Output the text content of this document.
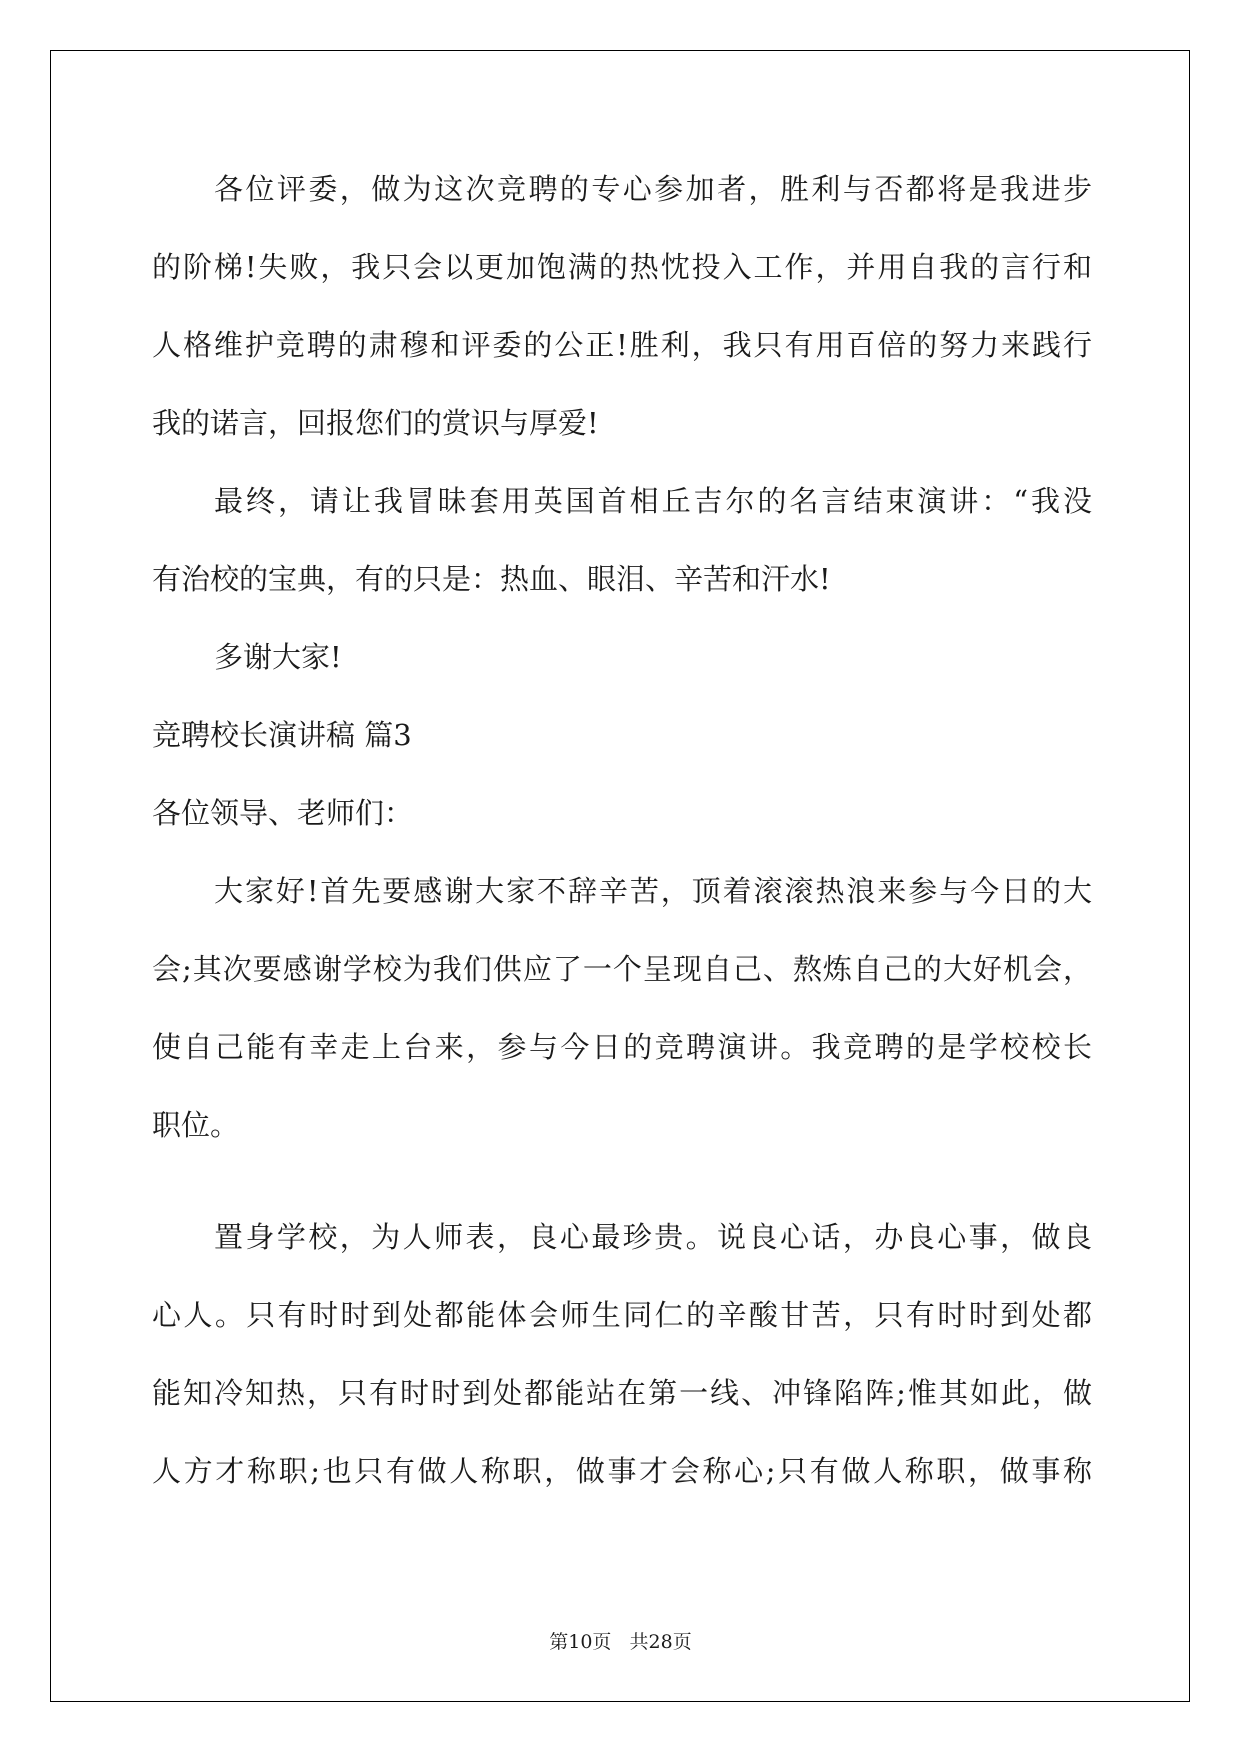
各位评委，做为这次竞聘的专心参加者，胜利与否都将是我进步
的阶梯!失败，我只会以更加饱满的热忱投入工作，并用自我的言行和
人格维护竞聘的肃穆和评委的公正!胜利，我只有用百倍的努力来践行
我的诺言，回报您们的赏识与厚爱!
最终，请让我冒昧套用英国首相丘吉尔的名言结束演讲：“我没
有治校的宝典，有的只是：热血、眼泪、辛苦和汗水!
多谢大家!
竞聘校长演讲稿 篇3
各位领导、老师们：
大家好!首先要感谢大家不辞辛苦，顶着滚滚热浪来参与今日的大
会;其次要感谢学校为我们供应了一个呈现自己、熬炼自己的大好机会，
使自己能有幸走上台来，参与今日的竞聘演讲。我竞聘的是学校校长
职位。
置身学校，为人师表，良心最珍贵。说良心话，办良心事，做良
心人。只有时时到处都能体会师生同仁的辛酸甘苦，只有时时到处都
能知冷知热，只有时时到处都能站在第一线、冲锋陷阵;惟其如此，做
人方才称职;也只有做人称职，做事才会称心;只有做人称职，做事称
第10页   共28页
